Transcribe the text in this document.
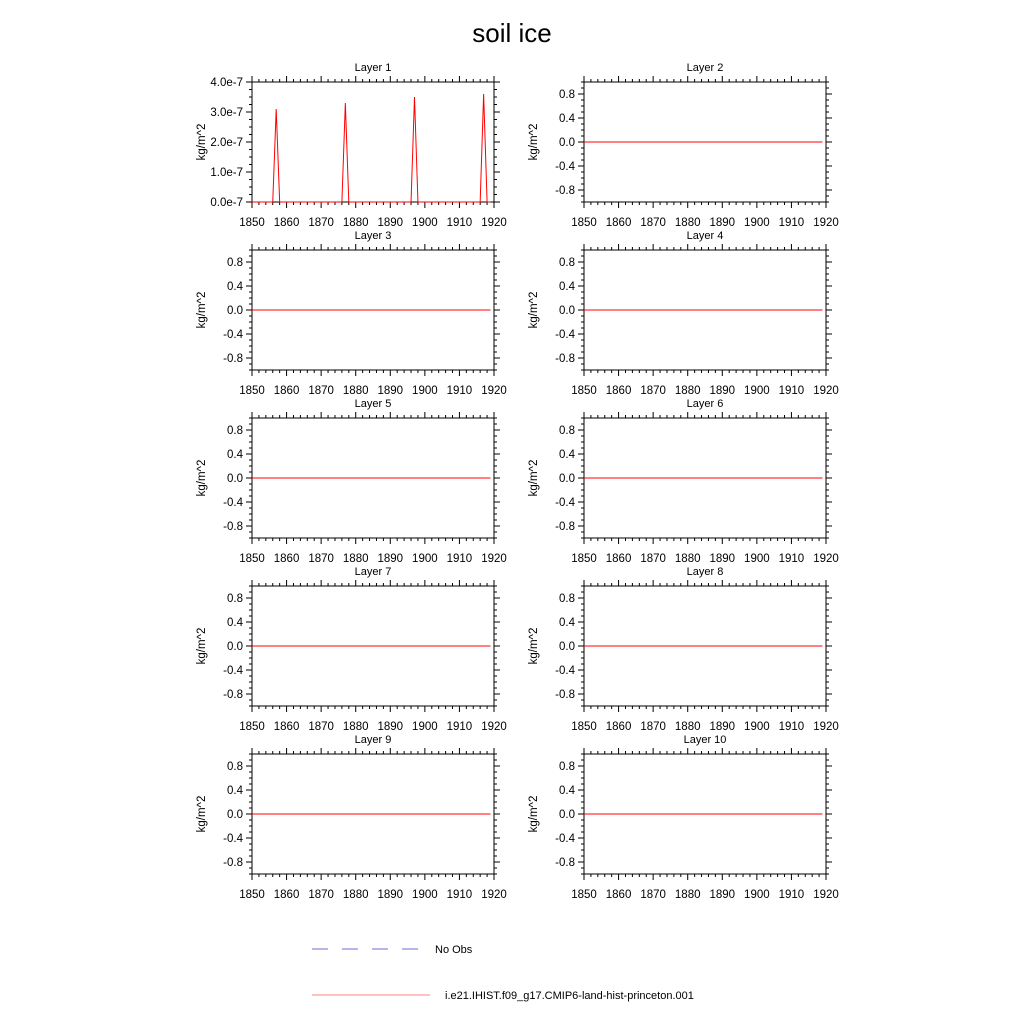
soil ice
Layer 1
1850 1860 1870 1880 1890 1900 1910 1920
0.0e-7
1.0e-7
2.0e-7
3.0e-7
4.0e-7
kg/m^2
Layer 2
1850 1860 1870 1880 1890 1900 1910 1920
-0.8
-0.4
0.0
0.4
0.8
kg/m^2
Layer 3
1850 1860 1870 1880 1890 1900 1910 1920
-0.8
-0.4
0.0
0.4
0.8
kg/m^2
Layer 4
1850 1860 1870 1880 1890 1900 1910 1920
-0.8
-0.4
0.0
0.4
0.8
kg/m^2
Layer 5
1850 1860 1870 1880 1890 1900 1910 1920
-0.8
-0.4
0.0
0.4
0.8
kg/m^2
Layer 6
1850 1860 1870 1880 1890 1900 1910 1920
-0.8
-0.4
0.0
0.4
0.8
kg/m^2
Layer 7
1850 1860 1870 1880 1890 1900 1910 1920
-0.8
-0.4
0.0
0.4
0.8
kg/m^2
Layer 8
1850 1860 1870 1880 1890 1900 1910 1920
-0.8
-0.4
0.0
0.4
0.8
kg/m^2
Layer 9
1850 1860 1870 1880 1890 1900 1910 1920
-0.8
-0.4
0.0
0.4
0.8
kg/m^2
Layer 10
1850 1860 1870 1880 1890 1900 1910 1920
-0.8
-0.4
0.0
0.4
0.8
kg/m^2
No Obs
i.e21.IHIST.f09_g17.CMIP6-land-hist-princeton.001
